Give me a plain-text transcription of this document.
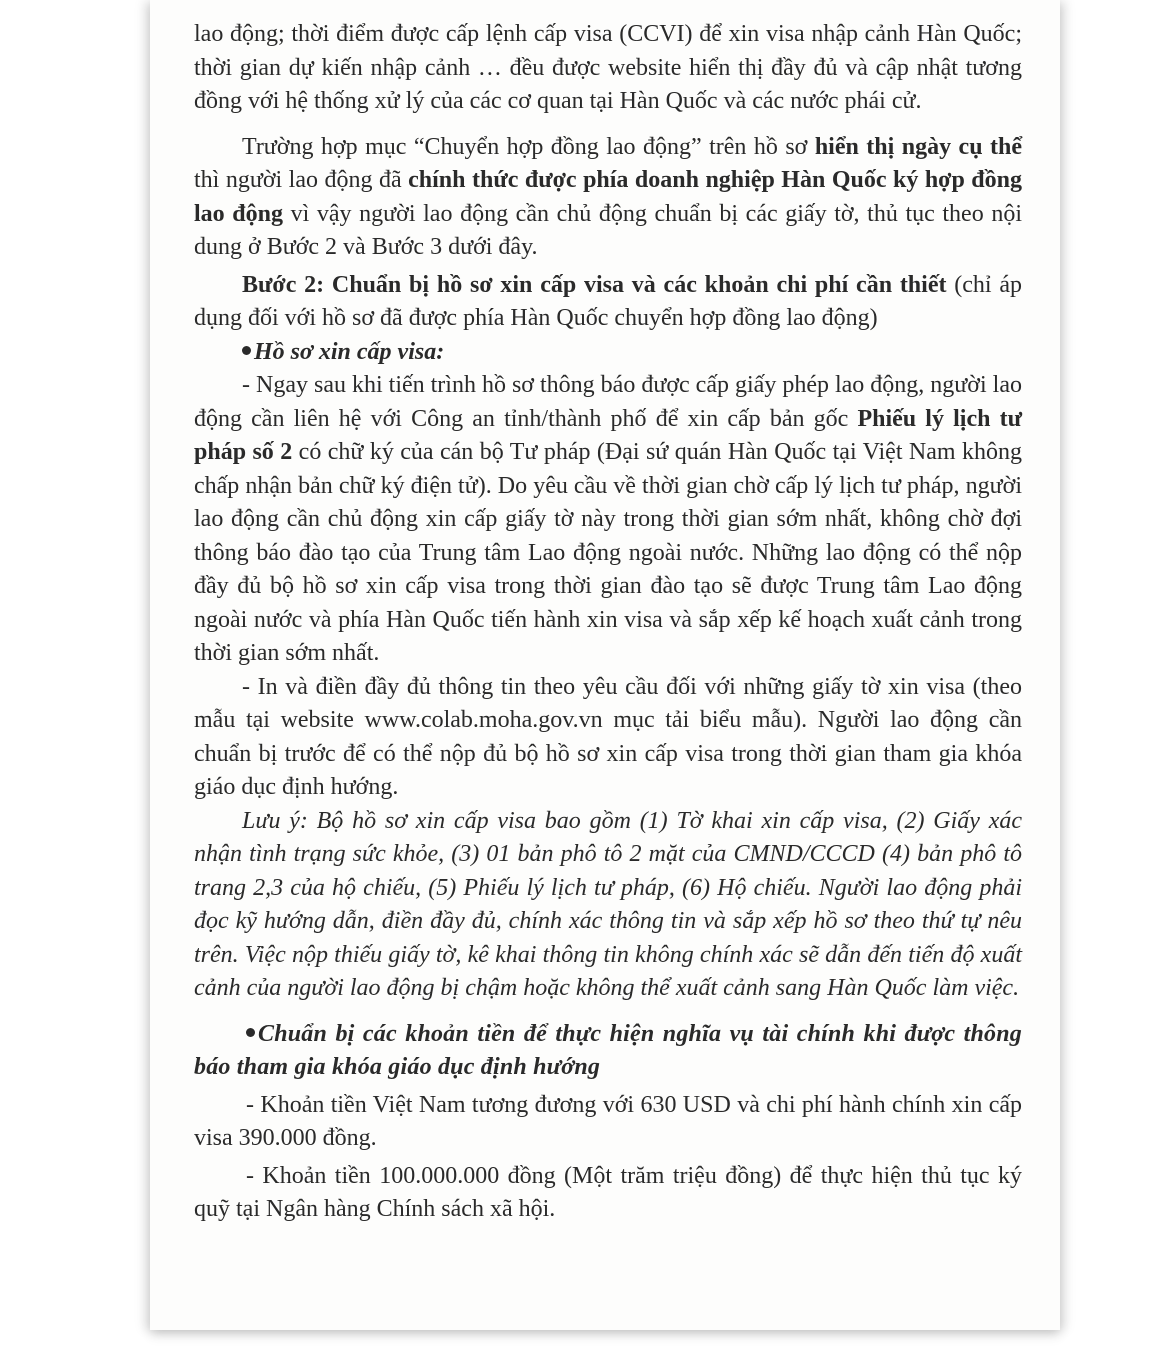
lao động; thời điểm được cấp lệnh cấp visa (CCVI) để xin visa nhập cảnh Hàn Quốc; thời gian dự kiến nhập cảnh … đều được website hiển thị đầy đủ và cập nhật tương đồng với hệ thống xử lý của các cơ quan tại Hàn Quốc và các nước phái cử.

Trường hợp mục “Chuyển hợp đồng lao động” trên hồ sơ hiển thị ngày cụ thể thì người lao động đã chính thức được phía doanh nghiệp Hàn Quốc ký hợp đồng lao động vì vậy người lao động cần chủ động chuẩn bị các giấy tờ, thủ tục theo nội dung ở Bước 2 và Bước 3 dưới đây.

Bước 2: Chuẩn bị hồ sơ xin cấp visa và các khoản chi phí cần thiết (chỉ áp dụng đối với hồ sơ đã được phía Hàn Quốc chuyển hợp đồng lao động)

Hồ sơ xin cấp visa:

- Ngay sau khi tiến trình hồ sơ thông báo được cấp giấy phép lao động, người lao động cần liên hệ với Công an tỉnh/thành phố để xin cấp bản gốc Phiếu lý lịch tư pháp số 2 có chữ ký của cán bộ Tư pháp (Đại sứ quán Hàn Quốc tại Việt Nam không chấp nhận bản chữ ký điện tử). Do yêu cầu về thời gian chờ cấp lý lịch tư pháp, người lao động cần chủ động xin cấp giấy tờ này trong thời gian sớm nhất, không chờ đợi thông báo đào tạo của Trung tâm Lao động ngoài nước. Những lao động có thể nộp đầy đủ bộ hồ sơ xin cấp visa trong thời gian đào tạo sẽ được Trung tâm Lao động ngoài nước và phía Hàn Quốc tiến hành xin visa và sắp xếp kế hoạch xuất cảnh trong thời gian sớm nhất.

- In và điền đầy đủ thông tin theo yêu cầu đối với những giấy tờ xin visa (theo mẫu tại website www.colab.moha.gov.vn mục tải biểu mẫu). Người lao động cần chuẩn bị trước để có thể nộp đủ bộ hồ sơ xin cấp visa trong thời gian tham gia khóa giáo dục định hướng.

Lưu ý: Bộ hồ sơ xin cấp visa bao gồm (1) Tờ khai xin cấp visa, (2) Giấy xác nhận tình trạng sức khỏe, (3) 01 bản phô tô 2 mặt của CMND/CCCD (4) bản phô tô trang 2,3 của hộ chiếu, (5) Phiếu lý lịch tư pháp, (6) Hộ chiếu. Người lao động phải đọc kỹ hướng dẫn, điền đầy đủ, chính xác thông tin và sắp xếp hồ sơ theo thứ tự nêu trên. Việc nộp thiếu giấy tờ, kê khai thông tin không chính xác sẽ dẫn đến tiến độ xuất cảnh của người lao động bị chậm hoặc không thể xuất cảnh sang Hàn Quốc làm việc.

Chuẩn bị các khoản tiền để thực hiện nghĩa vụ tài chính khi được thông báo tham gia khóa giáo dục định hướng

- Khoản tiền Việt Nam tương đương với 630 USD và chi phí hành chính xin cấp visa 390.000 đồng.

- Khoản tiền 100.000.000 đồng (Một trăm triệu đồng) để thực hiện thủ tục ký quỹ tại Ngân hàng Chính sách xã hội.
